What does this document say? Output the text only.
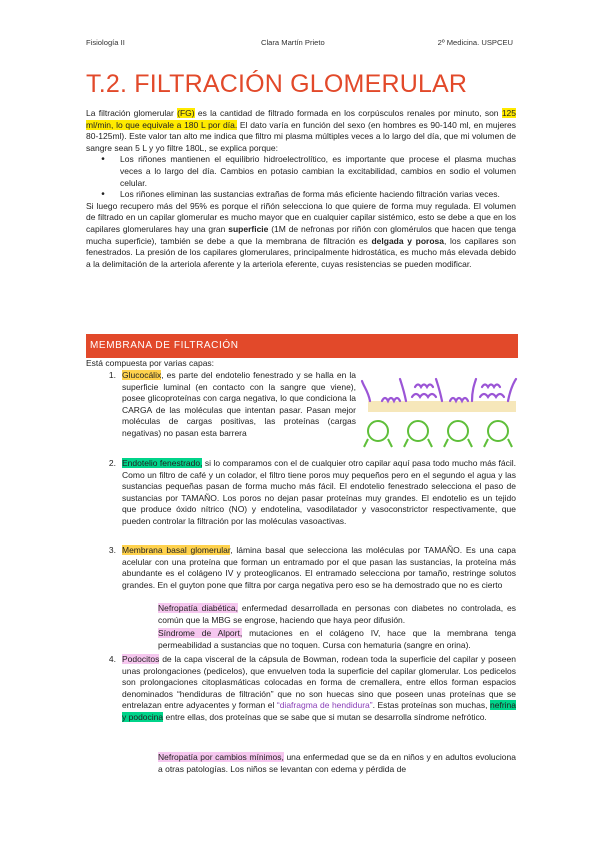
Fisiología II	Clara Martín Prieto	2º Medicina. USPCEU
T.2. FILTRACIÓN GLOMERULAR

La filtración glomerular (FG) es la cantidad de filtrado formada en los corpúsculos renales por minuto, son 125 ml/min, lo que equivale a 180 L por día. El dato varía en función del sexo (en hombres es 90-140 ml, en mujeres 80-125ml). Este valor tan alto me indica que filtro mi plasma múltiples veces a lo largo del día, que mi volumen de sangre sean 5 L y yo filtre 180L, se explica porque:

•	Los riñones mantienen el equilibrio hidroelectrolítico, es importante que procese el plasma muchas veces a lo largo del día. Cambios en potasio cambian la excitabilidad, cambios en sodio el volumen celular.
•	Los riñones eliminan las sustancias extrañas de forma más eficiente haciendo filtración varias veces.

Si luego recupero más del 95% es porque el riñón selecciona lo que quiere de forma muy regulada. El volumen de filtrado en un capilar glomerular es mucho mayor que en cualquier capilar sistémico, esto se debe a que en los capilares glomerulares hay una gran superficie (1M de nefronas por riñón con glomérulos que hacen que tenga mucha superficie), también se debe a que la membrana de filtración es delgada y porosa, los capilares son fenestrados. La presión de los capilares glomerulares, principalmente hidrostática, es mucho más elevada debido a la delimitación de la arteriola aferente y la arteriola eferente, cuyas resistencias se pueden modificar.

MEMBRANA DE FILTRACIÓN
Está compuesta por varias capas:
1. Glucocálix, es parte del endotelio fenestrado y se halla en la superficie luminal (en contacto con la sangre que viene), posee glicoproteínas con carga negativa, lo que condiciona la CARGA de las moléculas que intentan pasar. Pasan mejor moléculas de cargas positivas, las proteínas (cargas negativas) no pasan esta barrera
2. Endotelio fenestrado, si lo comparamos con el de cualquier otro capilar aquí pasa todo mucho más fácil. Como un filtro de café y un colador, el filtro tiene poros muy pequeños pero en el segundo el agua y las sustancias pequeñas pasan de forma mucho más fácil. El endotelio fenestrado selecciona el paso de sustancias por TAMAÑO. Los poros no dejan pasar proteínas muy grandes. El endotelio es un tejido que produce óxido nítrico (NO) y endotelina, vasodilatador y vasoconstrictor respectivamente, que pueden controlar la filtración por las moléculas vasoactivas.
3. Membrana basal glomerular, lámina basal que selecciona las moléculas por TAMAÑO. Es una capa acelular con una proteína que forman un entramado por el que pasan las sustancias, la proteína más abundante es el colágeno IV y proteoglicanos. El entramado selecciona por tamaño, restringe solutos grandes. En el guyton pone que filtra por carga negativa pero eso se ha demostrado que no es cierto
Nefropatía diabética, enfermedad desarrollada en personas con diabetes no controlada, es común que la MBG se engrose, haciendo que haya peor difusión.
Síndrome de Alport, mutaciones en el colágeno IV, hace que la membrana tenga permeabilidad a sustancias que no toquen. Cursa con hematuria (sangre en orina).
4. Podocitos de la capa visceral de la cápsula de Bowman, rodean toda la superficie del capilar y poseen unas prolongaciones (pedicelos), que envuelven toda la superficie del capilar glomerular. Los pedicelos son prolongaciones citoplasmáticas colocadas en forma de cremallera, entre ellos forman espacios denominados “hendiduras de filtración” que no son huecas sino que poseen unas proteínas que se entrelazan entre adyacentes y forman el “diafragma de hendidura”. Estas proteínas son muchas, nefrina y podocina entre ellas, dos proteínas que se sabe que si mutan se desarrolla síndrome nefrótico.
Nefropatía por cambios mínimos, una enfermedad que se da en niños y en adultos evoluciona a otras patologías. Los niños se levantan con edema y pérdida de
